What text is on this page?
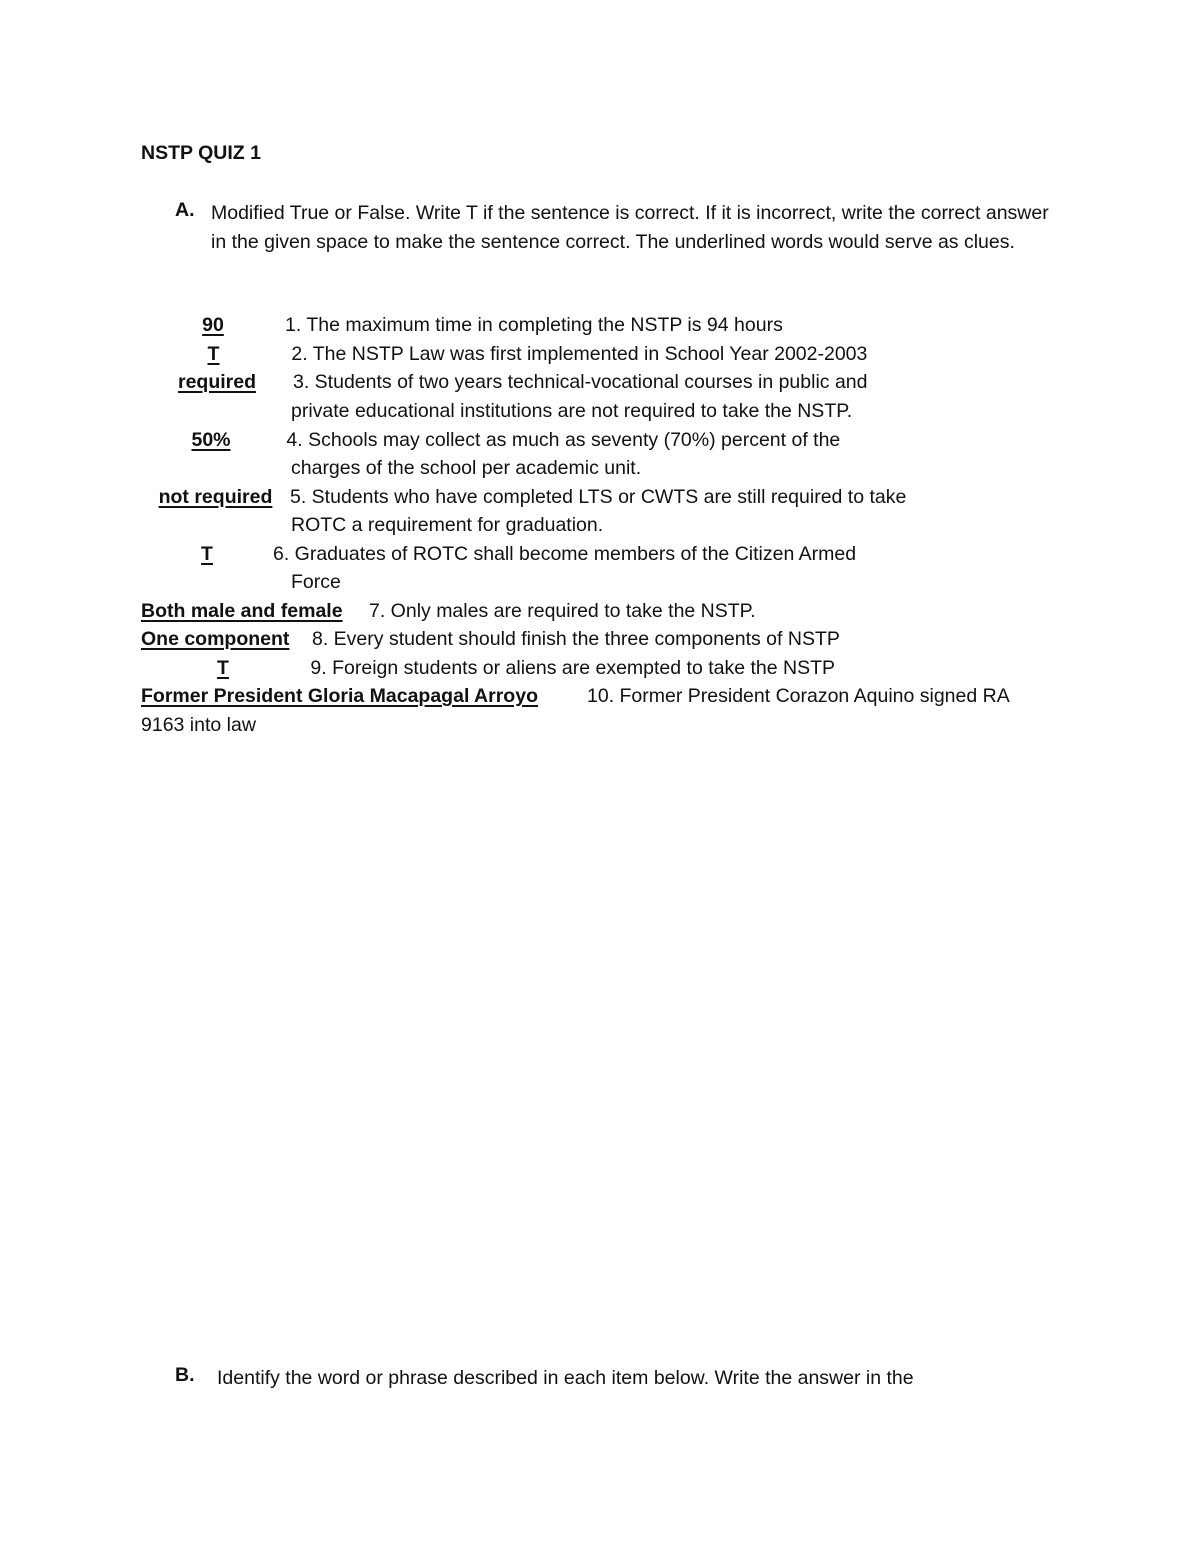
NSTP QUIZ 1
A. Modified True or False. Write T if the sentence is correct. If it is incorrect, write the correct answer in the given space to make the sentence correct. The underlined words would serve as clues.
90	1. The maximum time in completing the NSTP is 94 hours
T	2. The NSTP Law was first implemented in School Year 2002-2003
required 3. Students of two years technical-vocational courses in public and
private educational institutions are not required to take the NSTP.
50%	4. Schools may collect as much as seventy (70%) percent of the
charges of the school per academic unit.
not required 5. Students who have completed LTS or CWTS are still required to take
ROTC a requirement for graduation.
T	6. Graduates of ROTC shall become members of the Citizen Armed
Force
Both male and female 7. Only males are required to take the NSTP.
One component 8. Every student should finish the three components of NSTP
T	9. Foreign students or aliens are exempted to take the NSTP
Former President Gloria Macapagal Arroyo	10. Former President Corazon Aquino signed RA
9163 into law
B. Identify the word or phrase described in each item below. Write the answer in the
